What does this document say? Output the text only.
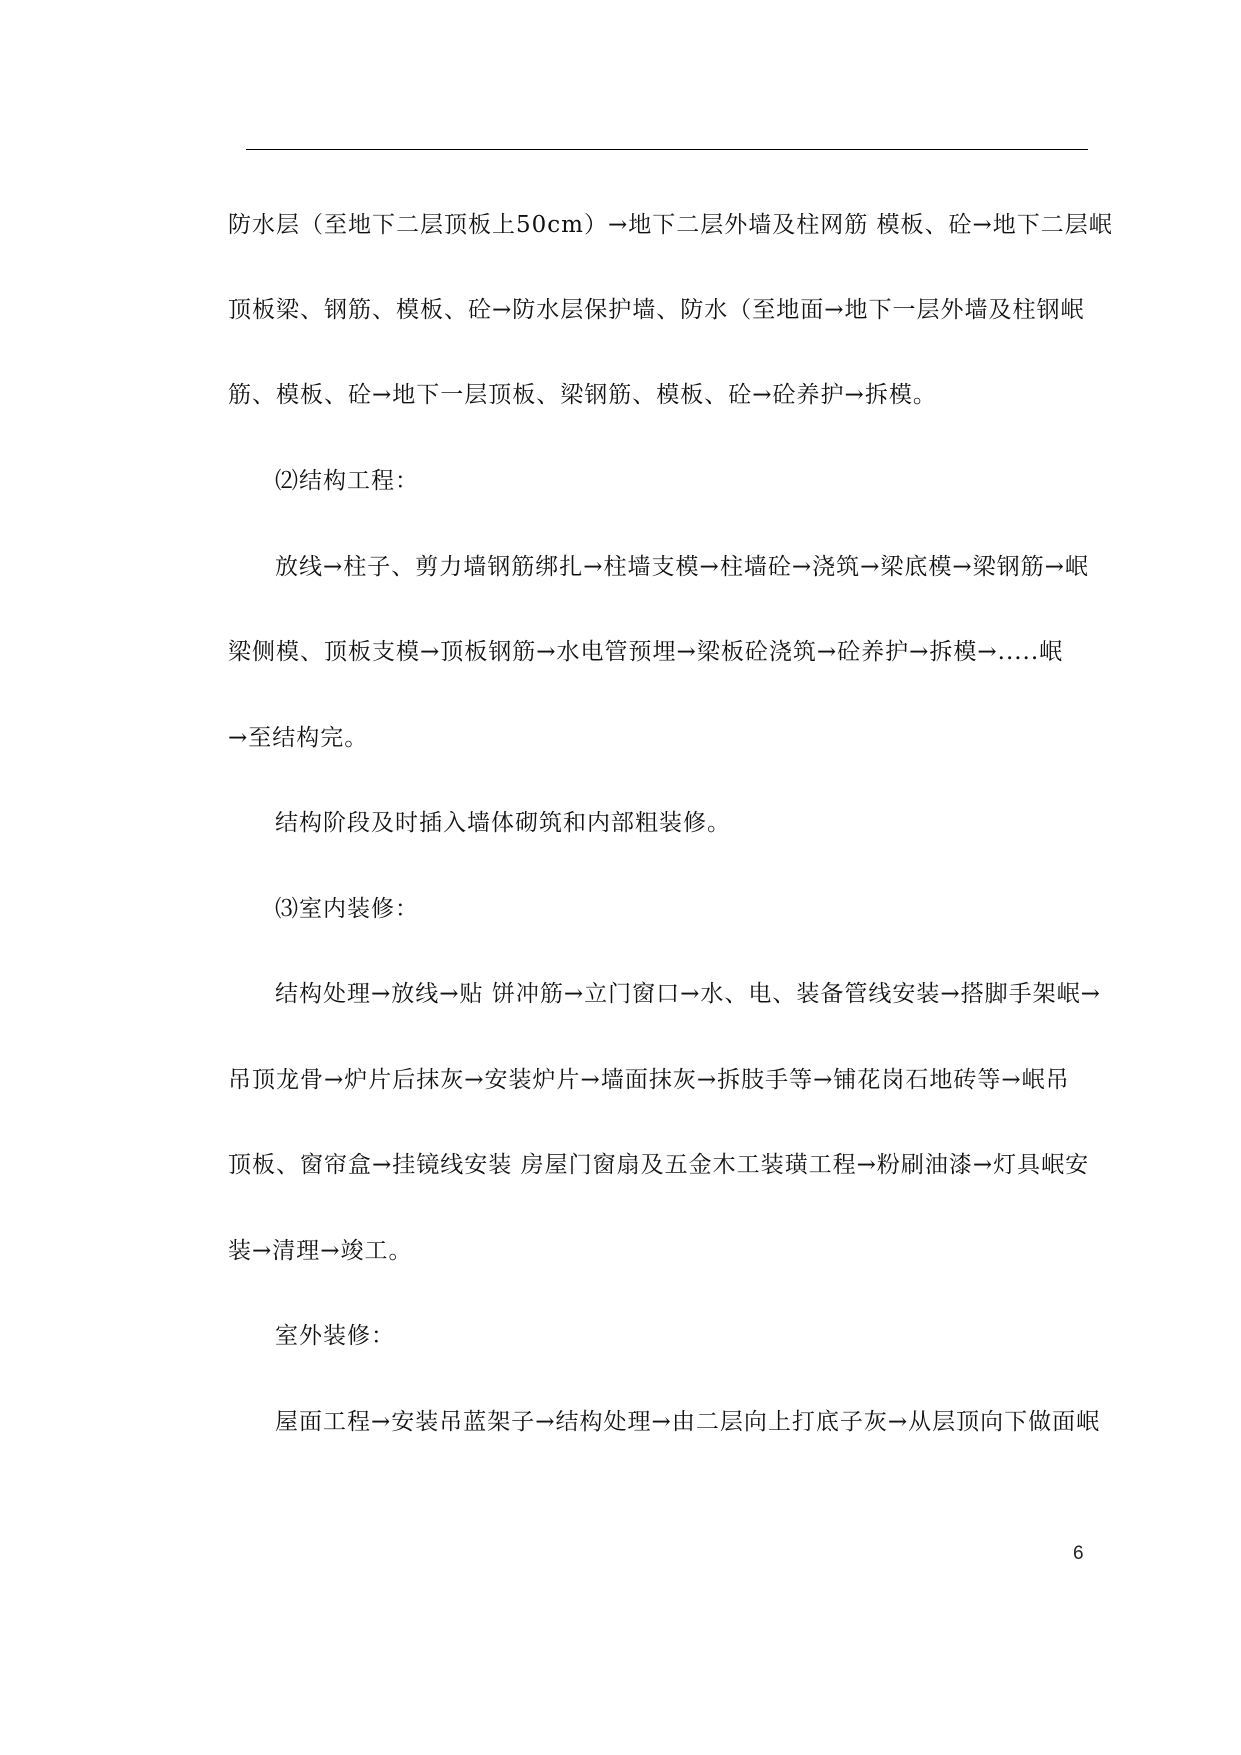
防水层（至地下二层顶板上50cm）→地下二层外墙及柱网筋 模板、砼→地下二层岷
顶板梁、钢筋、模板、砼→防水层保护墙、防水（至地面→地下一层外墙及柱钢岷
筋、模板、砼→地下一层顶板、梁钢筋、模板、砼→砼养护→拆模。
⑵结构工程：
放线→柱子、剪力墙钢筋绑扎→柱墙支模→柱墙砼→浇筑→梁底模→梁钢筋→岷
梁侧模、顶板支模→顶板钢筋→水电管预埋→梁板砼浇筑→砼养护→拆模→.....岷
→至结构完。
结构阶段及时插入墙体砌筑和内部粗装修。
⑶室内装修：
结构处理→放线→贴 饼冲筋→立门窗口→水、电、装备管线安装→搭脚手架岷→
吊顶龙骨→炉片后抹灰→安装炉片→墙面抹灰→拆肢手等→铺花岗石地砖等→岷吊
顶板、窗帘盒→挂镜线安装 房屋门窗扇及五金木工装璜工程→粉刷油漆→灯具岷安
装→清理→竣工。
室外装修：
屋面工程→安装吊蓝架子→结构处理→由二层向上打底子灰→从层顶向下做面岷
6
